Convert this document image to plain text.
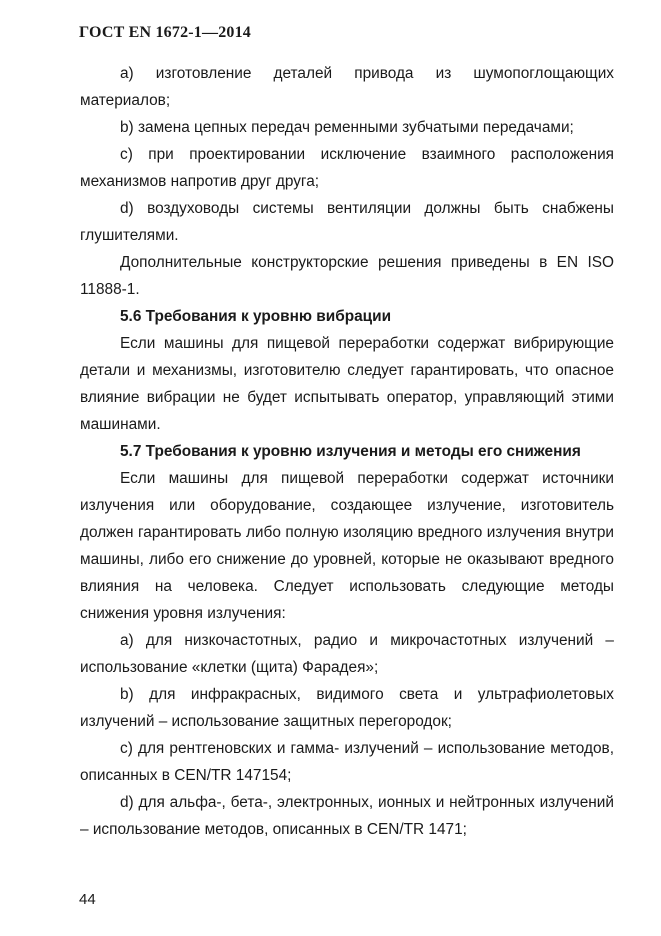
ГОСТ EN 1672-1—2014

а) изготовление деталей привода из шумопоглощающих материалов;

b) замена цепных передач ременными зубчатыми передачами;

с) при проектировании исключение взаимного расположения механизмов напротив друг друга;

d) воздуховоды системы вентиляции должны быть снабжены глушителями.

Дополнительные конструкторские решения приведены в EN ISO 11888-1.

5.6 Требования к уровню вибрации

Если машины для пищевой переработки содержат вибрирующие детали и механизмы, изготовителю следует гарантировать, что опасное влияние вибрации не будет испытывать оператор, управляющий этими машинами.

5.7 Требования к уровню излучения и методы его снижения

Если машины для пищевой переработки содержат источники излучения или оборудование, создающее излучение, изготовитель должен гарантировать либо полную изоляцию вредного излучения внутри машины, либо его снижение до уровней, которые не оказывают вредного влияния на человека. Следует использовать следующие методы снижения уровня излучения:

а) для низкочастотных, радио и микрочастотных излучений – использование «клетки (щита) Фарадея»;

b) для инфракрасных, видимого света и ультрафиолетовых излучений – использование защитных перегородок;

с) для рентгеновских и гамма- излучений – использование методов, описанных в CEN/TR 147154;

d) для альфа-, бета-, электронных, ионных и нейтронных излучений – использование методов, описанных в CEN/TR 1471;

44
